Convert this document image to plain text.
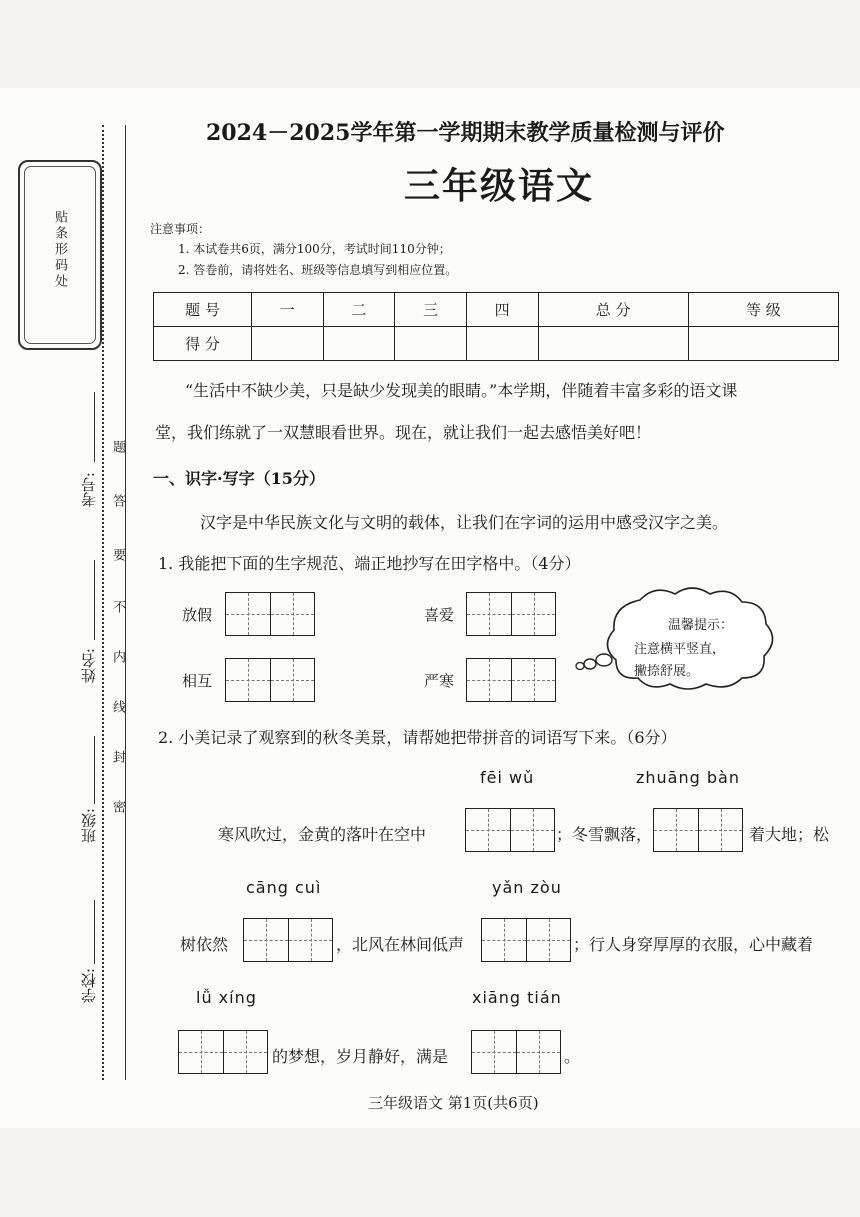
贴条形码处
考号:
姓名:
班级:
学校:
题
答
要
不
内
线
封
密
2024－2025学年第一学期期末教学质量检测与评价
三年级语文
注意事项：
1. 本试卷共6页，满分100分，考试时间110分钟；
2. 答卷前，请将姓名、班级等信息填写到相应位置。
题 号	一	二	三	四	总 分	等 级
得 分						
“生活中不缺少美，只是缺少发现美的眼睛。”本学期，伴随着丰富多彩的语文课
堂，我们练就了一双慧眼看世界。现在，就让我们一起去感悟美好吧！
一、识字·写字（15分）
汉字是中华民族文化与文明的载体，让我们在字词的运用中感受汉字之美。
1. 我能把下面的生字规范、端正地抄写在田字格中。（4分）
放假	喜爱
相互	严寒
温馨提示：
注意横平竖直，
撇捺舒展。
2. 小美记录了观察到的秋冬美景，请帮她把带拼音的词语写下来。（6分）
fēi wǔ	zhuāng bàn
寒风吹过，金黄的落叶在空中	；冬雪飘落，	着大地；松
cāng cuì	yǎn zòu
树依然	，北风在林间低声	；行人身穿厚厚的衣服，心中藏着
lǚ xíng	xiāng tián
的梦想，岁月静好，满是	。
三年级语文 第1页(共6页)
